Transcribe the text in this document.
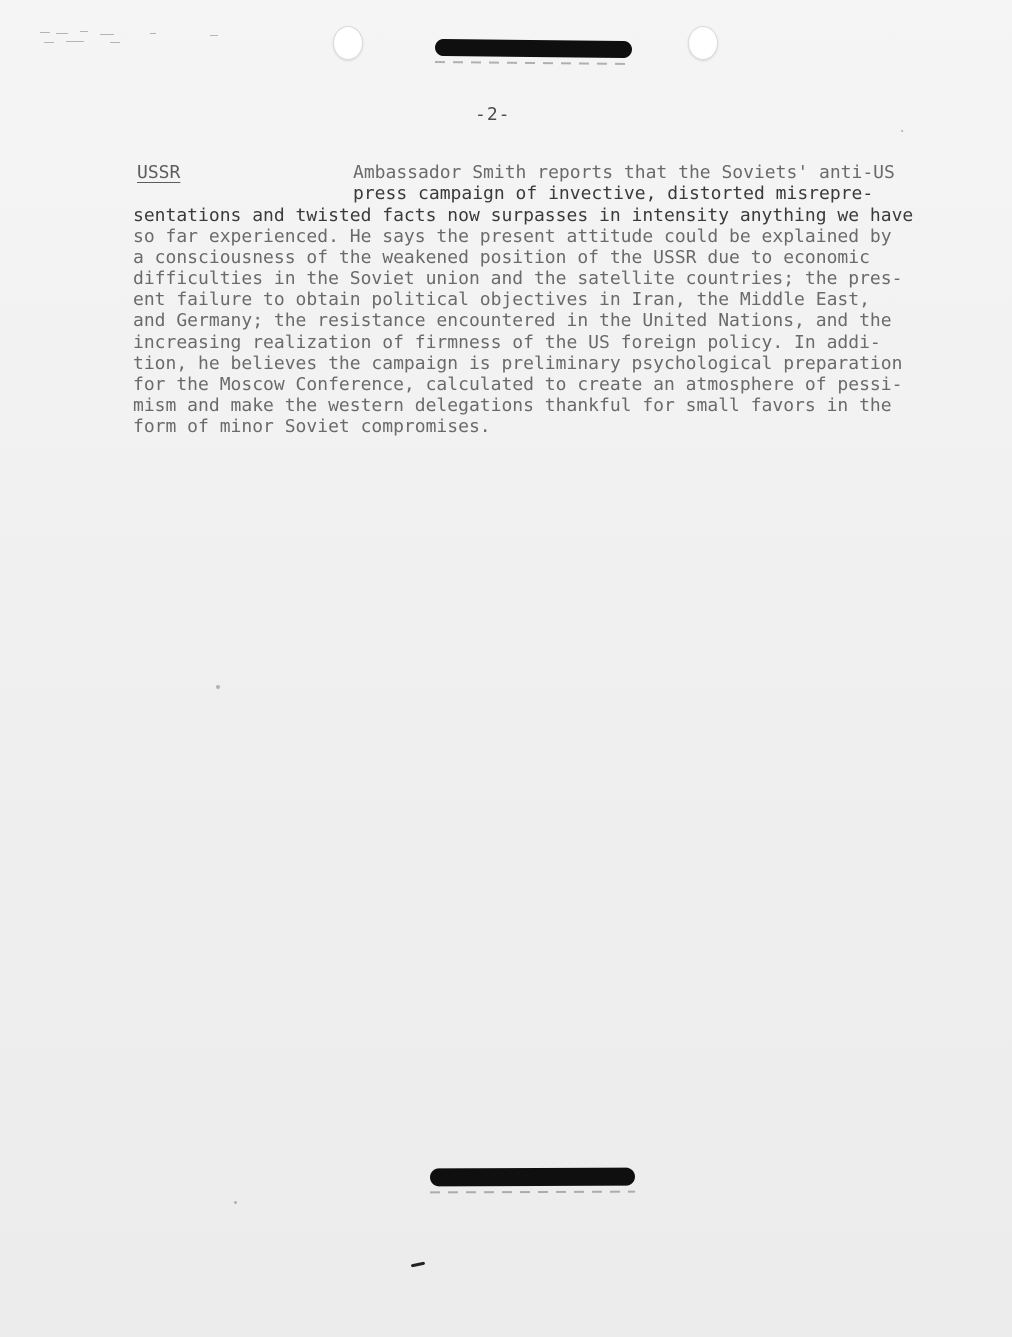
-2-
·
USSR	Ambassador Smith reports that the Soviets' anti-US
press campaign of invective, distorted misrepre-
sentations and twisted facts now surpasses in intensity anything we have
so far experienced. He says the present attitude could be explained by
a consciousness of the weakened position of the USSR due to economic
difficulties in the Soviet union and the satellite countries; the pres-
ent failure to obtain political objectives in Iran, the Middle East,
and Germany; the resistance encountered in the United Nations, and the
increasing realization of firmness of the US foreign policy. In addi-
tion, he believes the campaign is preliminary psychological preparation
for the Moscow Conference, calculated to create an atmosphere of pessi-
mism and make the western delegations thankful for small favors in the
form of minor Soviet compromises.
